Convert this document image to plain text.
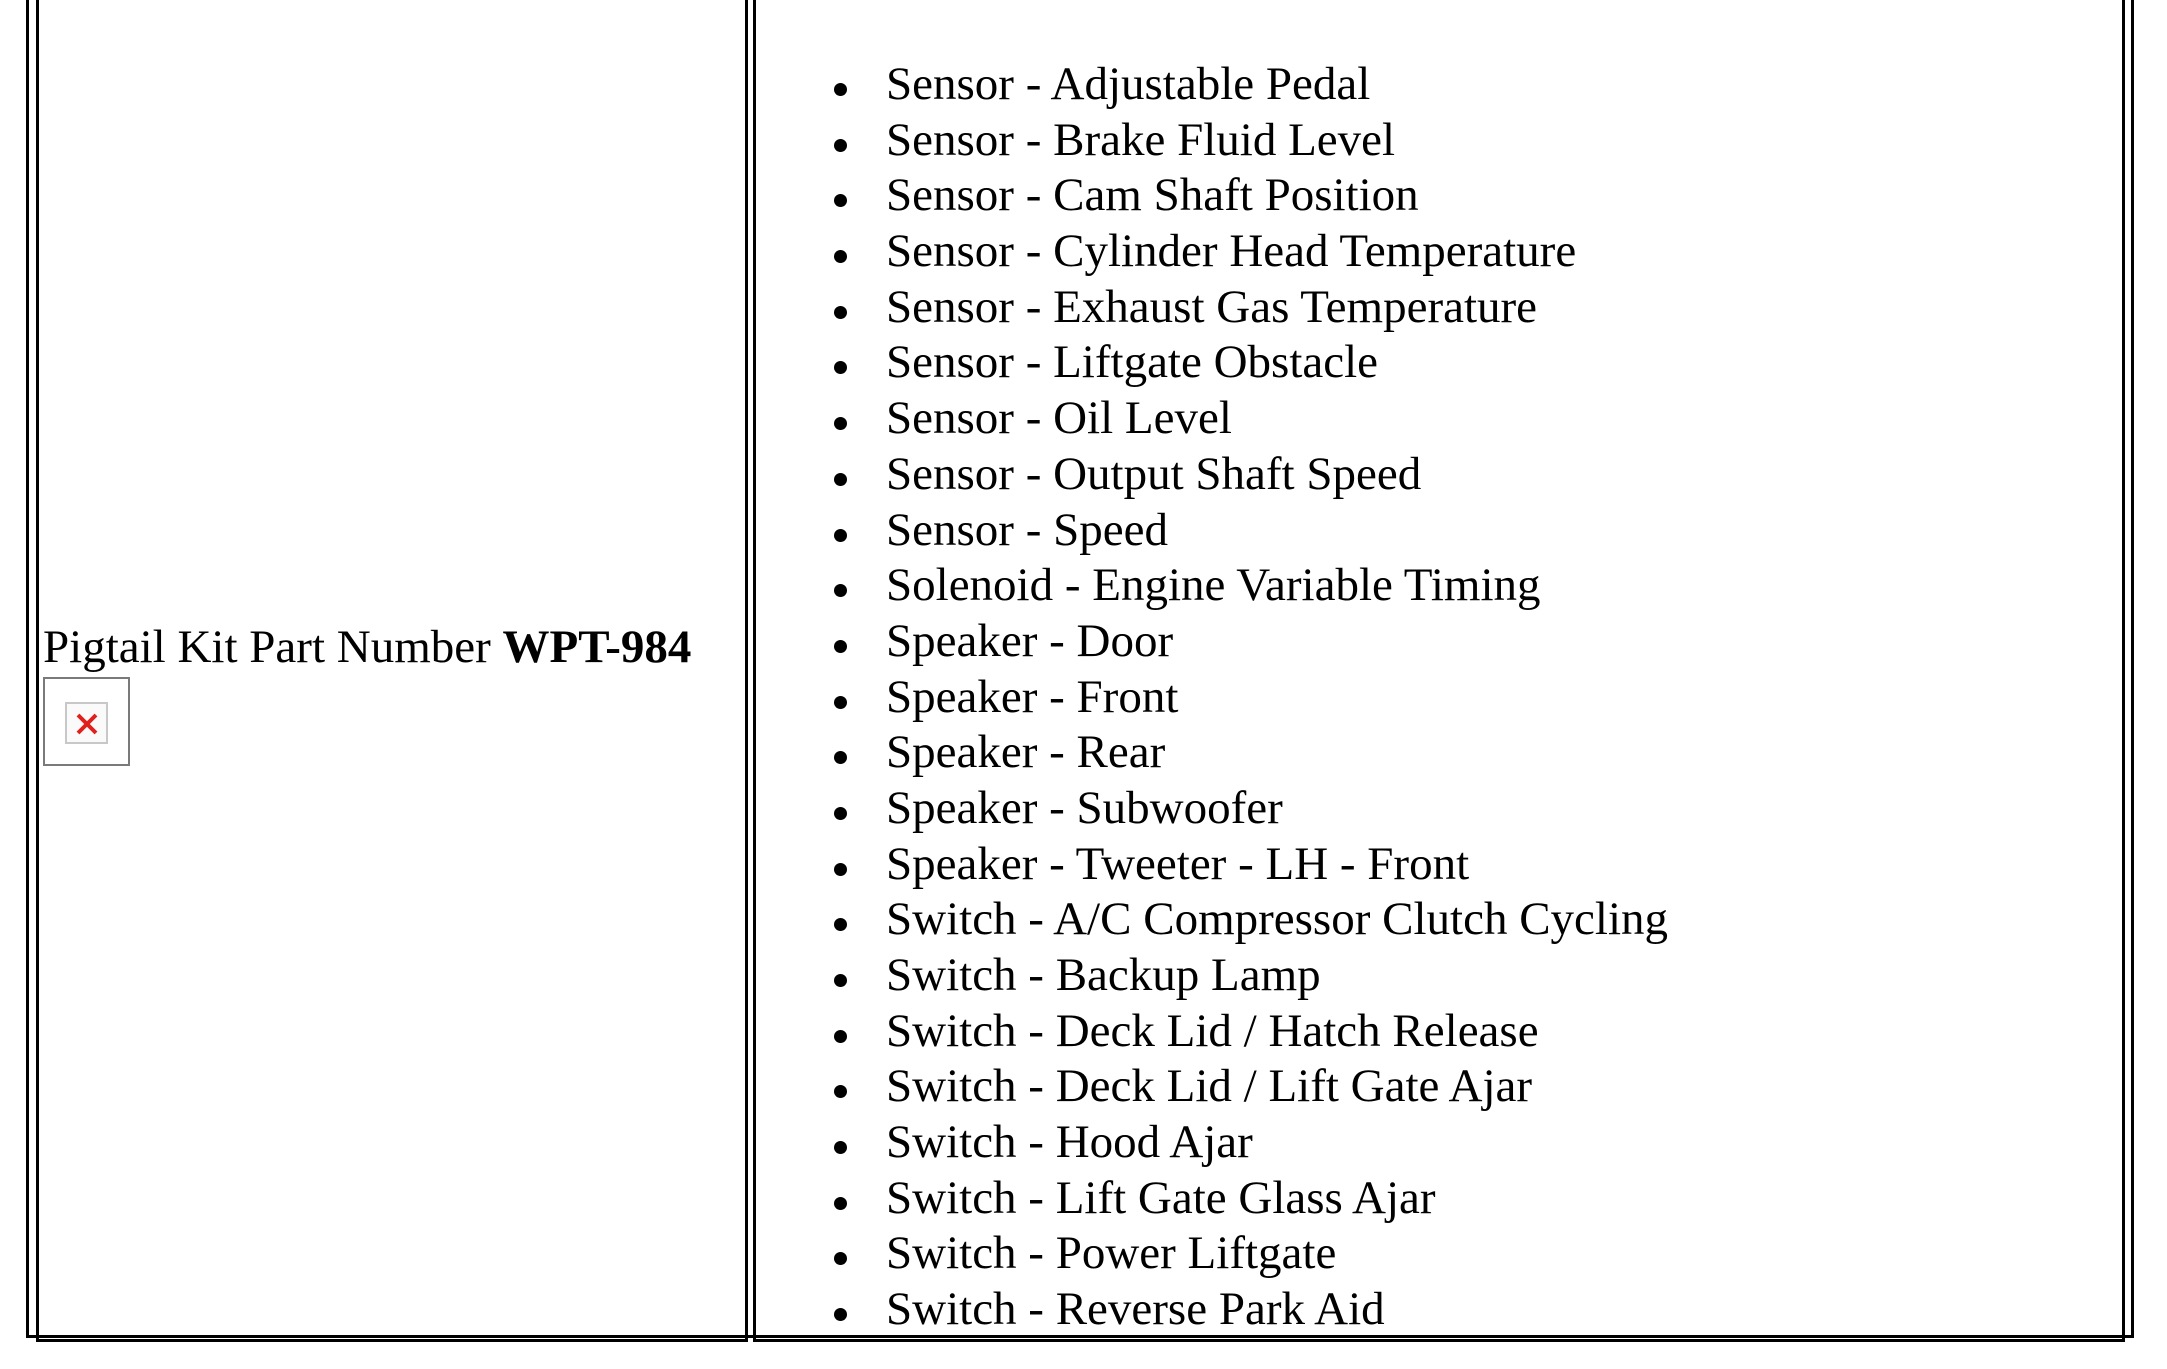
Pigtail Kit Part Number WPT-984
Sensor - Adjustable Pedal
Sensor - Brake Fluid Level
Sensor - Cam Shaft Position
Sensor - Cylinder Head Temperature
Sensor - Exhaust Gas Temperature
Sensor - Liftgate Obstacle
Sensor - Oil Level
Sensor - Output Shaft Speed
Sensor - Speed
Solenoid - Engine Variable Timing
Speaker - Door
Speaker - Front
Speaker - Rear
Speaker - Subwoofer
Speaker - Tweeter - LH - Front
Switch - A/C Compressor Clutch Cycling
Switch - Backup Lamp
Switch - Deck Lid / Hatch Release
Switch - Deck Lid / Lift Gate Ajar
Switch - Hood Ajar
Switch - Lift Gate Glass Ajar
Switch - Power Liftgate
Switch - Reverse Park Aid
